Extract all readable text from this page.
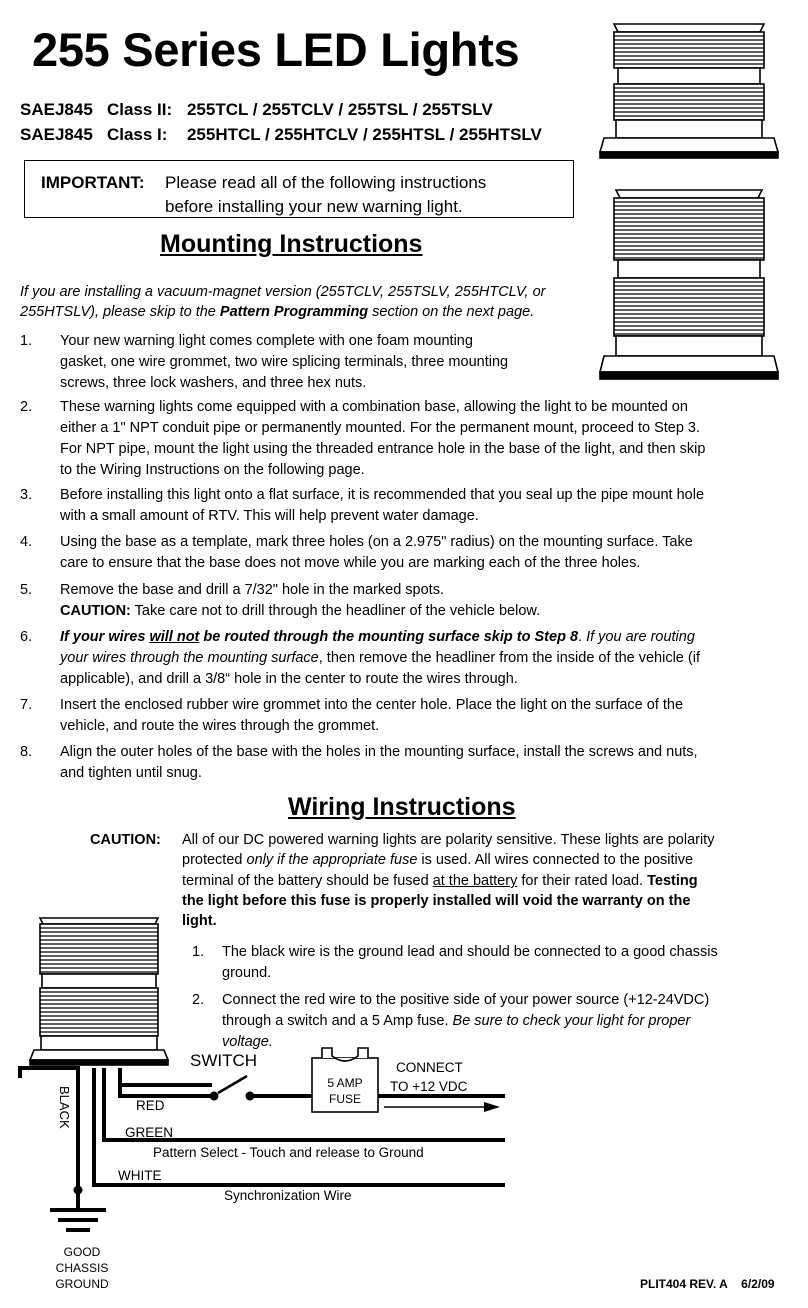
255 Series LED Lights
SAEJ845 Class II: 255TCL / 255TCLV / 255TSL / 255TSLV
SAEJ845 Class I: 255HTCL / 255HTCLV / 255HTSL / 255HTSLV
IMPORTANT: Please read all of the following instructions
before installing your new warning light.
Mounting Instructions
If you are installing a vacuum-magnet version (255TCLV, 255TSLV, 255HTCLV, or
255HTSLV), please skip to the Pattern Programming section on the next page.
1. Your new warning light comes complete with one foam mounting
gasket, one wire grommet, two wire splicing terminals, three mounting
screws, three lock washers, and three hex nuts.
2. These warning lights come equipped with a combination base, allowing the light to be mounted on
either a 1" NPT conduit pipe or permanently mounted. For the permanent mount, proceed to Step 3.
For NPT pipe, mount the light using the threaded entrance hole in the base of the light, and then skip
to the Wiring Instructions on the following page.
3. Before installing this light onto a flat surface, it is recommended that you seal up the pipe mount hole
with a small amount of RTV. This will help prevent water damage.
4. Using the base as a template, mark three holes (on a 2.975" radius) on the mounting surface. Take
care to ensure that the base does not move while you are marking each of the three holes.
5. Remove the base and drill a 7/32" hole in the marked spots.
CAUTION: Take care not to drill through the headliner of the vehicle below.
6. If your wires will not be routed through the mounting surface skip to Step 8. If you are routing
your wires through the mounting surface, then remove the headliner from the inside of the vehicle (if
applicable), and drill a 3/8“ hole in the center to route the wires through.
7. Insert the enclosed rubber wire grommet into the center hole. Place the light on the surface of the
vehicle, and route the wires through the grommet.
8. Align the outer holes of the base with the holes in the mounting surface, install the screws and nuts,
and tighten until snug.
Wiring Instructions
CAUTION: All of our DC powered warning lights are polarity sensitive. These lights are polarity
protected only if the appropriate fuse is used. All wires connected to the positive
terminal of the battery should be fused at the battery for their rated load. Testing
the light before this fuse is properly installed will void the warranty on the
light.
1. The black wire is the ground lead and should be connected to a good chassis
ground.
2. Connect the red wire to the positive side of your power source (+12-24VDC)
through a switch and a 5 Amp fuse. Be sure to check your light for proper
voltage.
SWITCH
5 AMP
FUSE
CONNECT
TO +12 VDC
BLACK	RED
GREEN
Pattern Select - Touch and release to Ground
WHITE
Synchronization Wire
GOOD
CHASSIS
GROUND	PLIT404 REV. A 6/2/09
